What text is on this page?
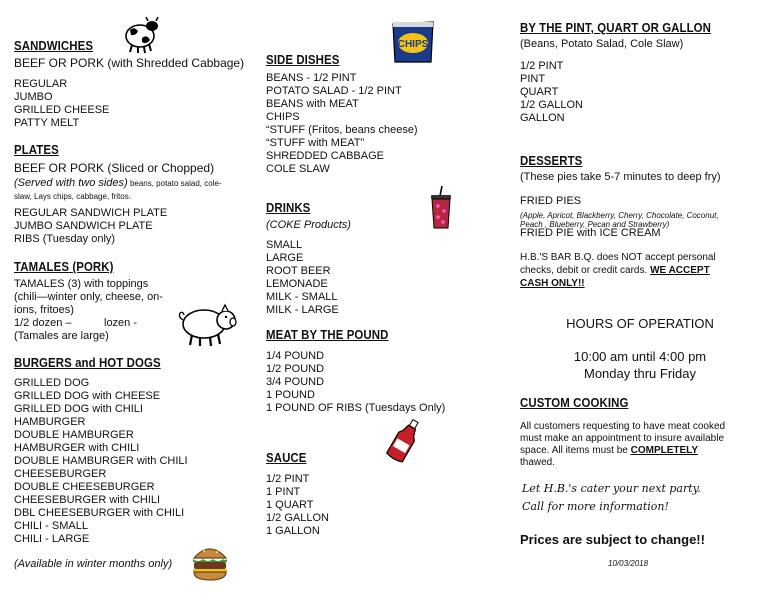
SANDWICHES
BEEF OR PORK (with Shredded Cabbage)
REGULAR
JUMBO
GRILLED CHEESE
PATTY MELT
PLATES
BEEF OR PORK (Sliced or Chopped)
(Served with two sides) beans, potato salad, cole-
slaw, Lays chips, cabbage, fritos.
REGULAR SANDWICH PLATE
JUMBO SANDWICH PLATE
RIBS (Tuesday only)
TAMALES (PORK)
TAMALES (3) with toppings
(chili—winter only, cheese, on-
ions, fritoes)
1/2 dozen –	lozen -
(Tamales are large)
BURGERS and HOT DOGS
GRILLED DOG
GRILLED DOG with CHEESE
GRILLED DOG with CHILI
HAMBURGER
DOUBLE HAMBURGER
HAMBURGER with CHILI
DOUBLE HAMBURGER with CHILI
CHEESEBURGER
DOUBLE CHEESEBURGER
CHEESEBURGER with CHILI
DBL CHEESEBURGER with CHILI
CHILI - SMALL
CHILI - LARGE
(Available in winter months only)
SIDE DISHES
BEANS - 1/2 PINT
POTATO SALAD - 1/2 PINT
BEANS with MEAT
CHIPS
“STUFF (Fritos, beans cheese)
“STUFF with MEAT”
SHREDDED CABBAGE
COLE SLAW
DRINKS
(COKE Products)
SMALL
LARGE
ROOT BEER
LEMONADE
MILK - SMALL
MILK - LARGE
MEAT BY THE POUND
1/4 POUND
1/2 POUND
3/4 POUND
1 POUND
1 POUND OF RIBS (Tuesdays Only)
SAUCE
1/2 PINT
1 PINT
1 QUART
1/2 GALLON
1 GALLON
CHIPS
BY THE PINT, QUART OR GALLON
(Beans, Potato Salad, Cole Slaw)
1/2 PINT
PINT
QUART
1/2 GALLON
GALLON
DESSERTS
(These pies take 5-7 minutes to deep fry)
FRIED PIES
(Apple, Apricot, Blackberry, Cherry, Chocolate, Coconut,
Peach , Blueberry, Pecan and Strawberry)
FRIED PIE with ICE CREAM
H.B.'S BAR B.Q. does NOT accept personal
checks, debit or credit cards. WE ACCEPT
CASH ONLY!!
HOURS OF OPERATION
10:00 am until 4:00 pm
Monday thru Friday
CUSTOM COOKING
All customers requesting to have meat cooked
must make an appointment to insure available
space. All items must be COMPLETELY
thawed.
Let H.B.'s cater your next party.
Call for more information!
Prices are subject to change!!
10/03/2018
